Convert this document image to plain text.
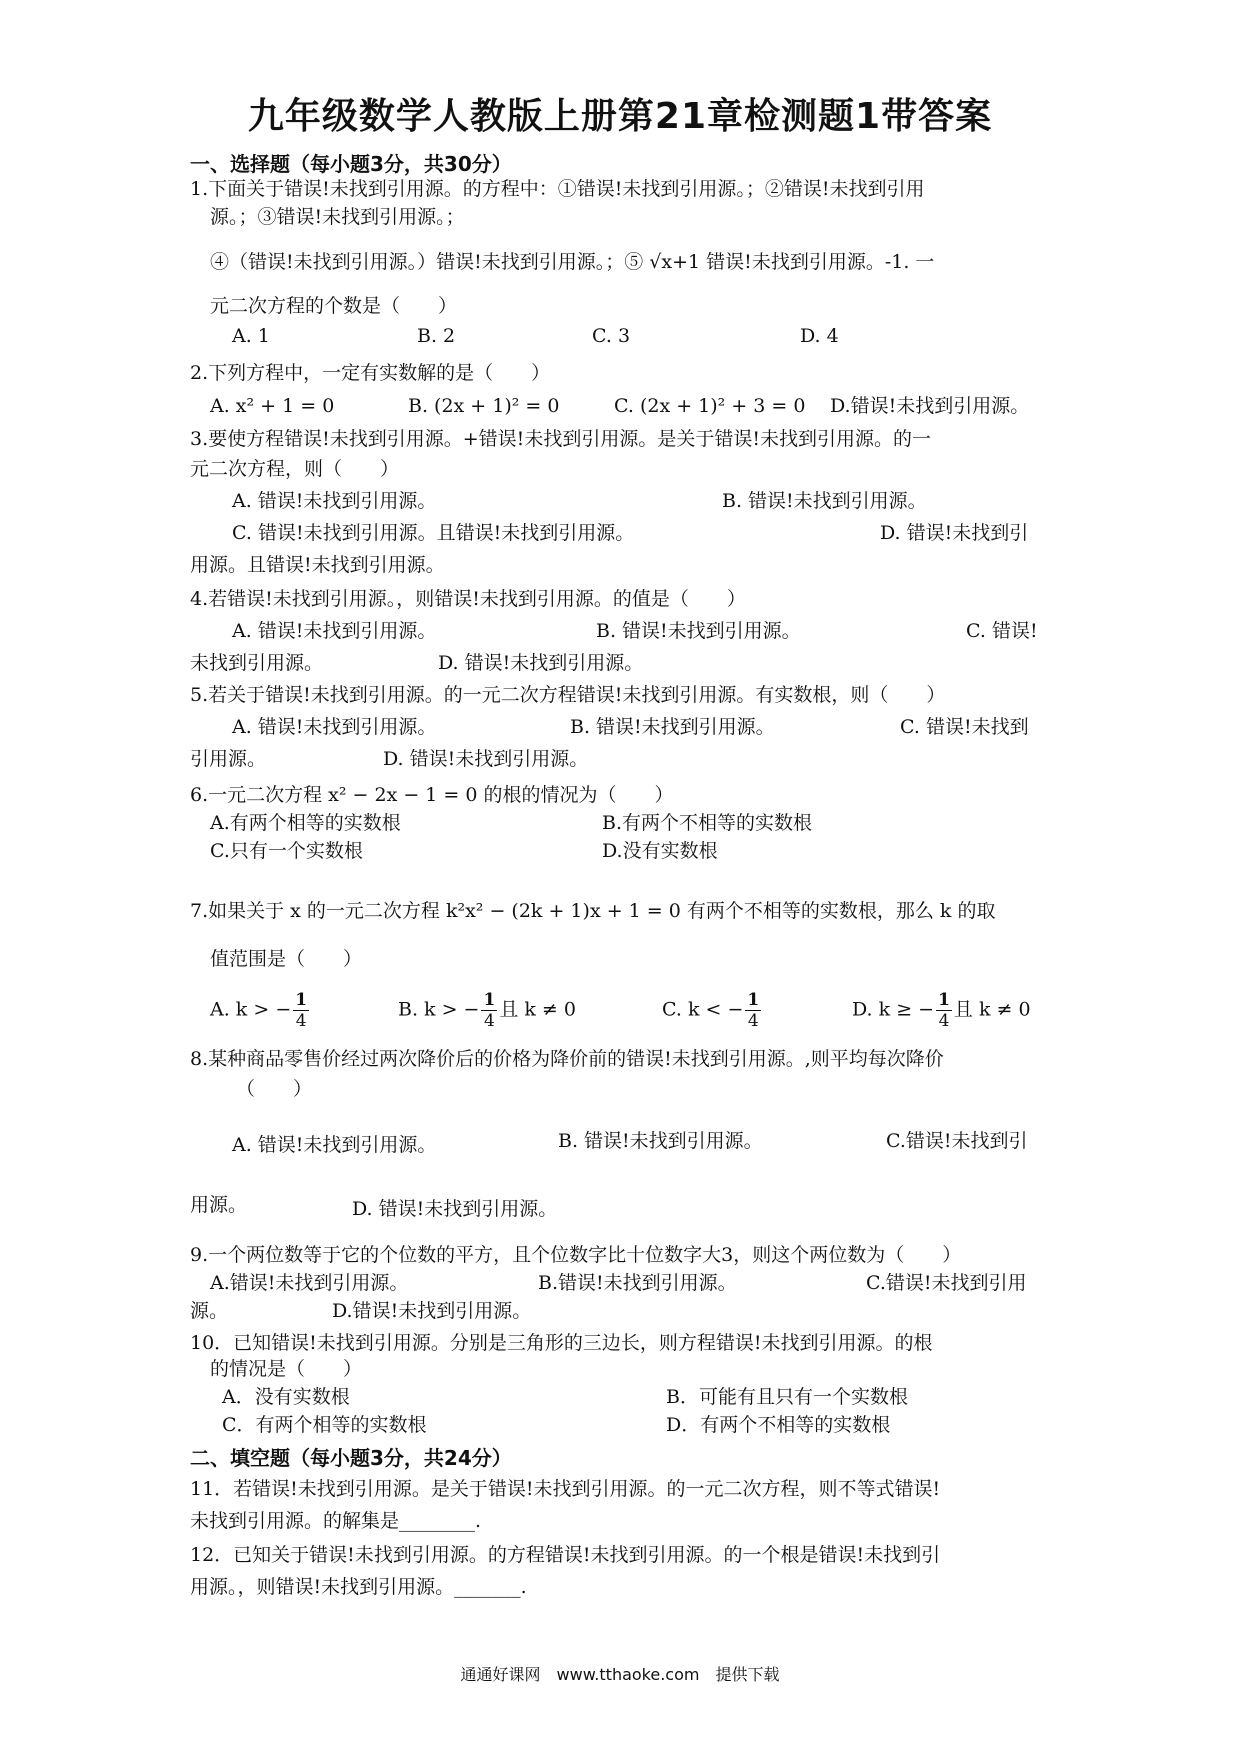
九年级数学人教版上册第21章检测题1带答案
一、选择题（每小题3分，共30分）
1.下面关于错误!未找到引用源。的方程中：①错误!未找到引用源。；②错误!未找到引用
源。；③错误!未找到引用源。；
④（错误!未找到引用源。）错误!未找到引用源。；⑤ √x+1 错误!未找到引用源。-1. 一
元二次方程的个数是（　　）
A. 1	B. 2	C. 3	D. 4
2.下列方程中，一定有实数解的是（　　）
A. x² + 1 = 0	B. (2x + 1)² = 0	C. (2x + 1)² + 3 = 0 D.错误!未找到引用源。
3.要使方程错误!未找到引用源。+错误!未找到引用源。是关于错误!未找到引用源。的一
元二次方程，则（　　）
A. 错误!未找到引用源。	B. 错误!未找到引用源。
C. 错误!未找到引用源。且错误!未找到引用源。	D. 错误!未找到引
用源。且错误!未找到引用源。
4.若错误!未找到引用源。，则错误!未找到引用源。的值是（　　）
A. 错误!未找到引用源。	B. 错误!未找到引用源。	C. 错误!
未找到引用源。	D. 错误!未找到引用源。
5.若关于错误!未找到引用源。的一元二次方程错误!未找到引用源。有实数根，则（　　）
A. 错误!未找到引用源。	B. 错误!未找到引用源。	C. 错误!未找到
引用源。	D. 错误!未找到引用源。
6.一元二次方程 x² − 2x − 1 = 0 的根的情况为（　　）
A.有两个相等的实数根	B.有两个不相等的实数根
C.只有一个实数根	D.没有实数根
7.如果关于 x 的一元二次方程 k²x² − (2k + 1)x + 1 = 0 有两个不相等的实数根，那么 k 的取
值范围是（　　）
A. k > − $\frac{1}{4}$	B. k > − $\frac{1}{4}$ 且 k ≠ 0	C. k < − $\frac{1}{4}$	D. k ≥ − $\frac{1}{4}$ 且 k ≠ 0
8.某种商品零售价经过两次降价后的价格为降价前的错误!未找到引用源。,则平均每次降价
（　　）
A. 错误!未找到引用源。	B. 错误!未找到引用源。	C.错误!未找到引
用源。	D. 错误!未找到引用源。
9.一个两位数等于它的个位数的平方，且个位数字比十位数字大3，则这个两位数为（　　）
A.错误!未找到引用源。	B.错误!未找到引用源。	C.错误!未找到引用
源。	D.错误!未找到引用源。
10．已知错误!未找到引用源。分别是三角形的三边长，则方程错误!未找到引用源。的根
的情况是（　　）
A．没有实数根	B．可能有且只有一个实数根
C．有两个相等的实数根	D．有两个不相等的实数根
二、填空题（每小题3分，共24分）
11．若错误!未找到引用源。是关于错误!未找到引用源。的一元二次方程，则不等式错误!
未找到引用源。的解集是________.
12．已知关于错误!未找到引用源。的方程错误!未找到引用源。的一个根是错误!未找到引
用源。，则错误!未找到引用源。_______.
通通好课网　www.tthaoke.com　提供下载
